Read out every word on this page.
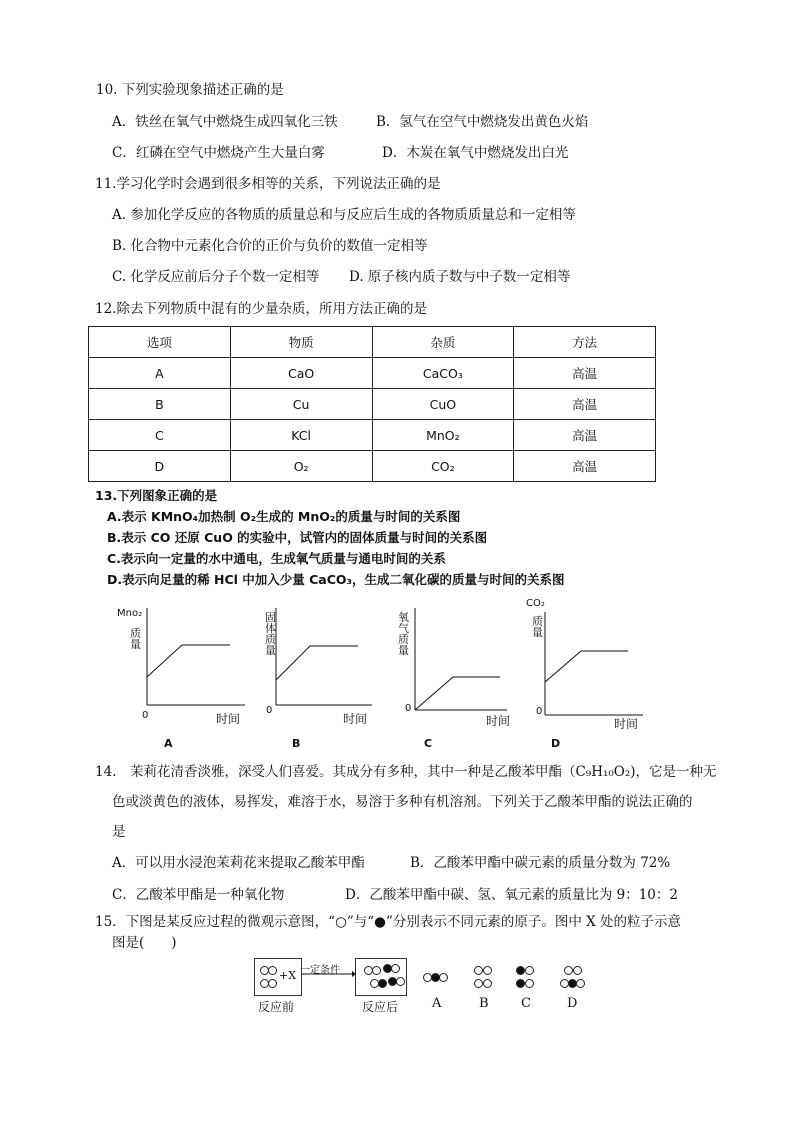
10. 下列实验现象描述正确的是
A．铁丝在氧气中燃烧生成四氧化三铁	B．氢气在空气中燃烧发出黄色火焰
C．红磷在空气中燃烧产生大量白雾	D．木炭在氧气中燃烧发出白光
11.学习化学时会遇到很多相等的关系，下列说法正确的是
A. 参加化学反应的各物质的质量总和与反应后生成的各物质质量总和一定相等
B. 化合物中元素化合价的正价与负价的数值一定相等
C. 化学反应前后分子个数一定相等 D. 原子核内质子数与中子数一定相等
12.除去下列物质中混有的少量杂质，所用方法正确的是
选项	物质	杂质	方法
A	CaO	CaCO₃	高温
B	Cu	CuO	高温
C	KCl	MnO₂	高温
D	O₂	CO₂	高温
13.下列图象正确的是
A.表示 KMnO₄加热制 O₂生成的 MnO₂的质量与时间的关系图
B.表示 CO 还原 CuO 的实验中，试管内的固体质量与时间的关系图
C.表示向一定量的水中通电，生成氧气质量与通电时间的关系
D.表示向足量的稀 HCl 中加入少量 CaCO₃，生成二氧化碳的质量与时间的关系图
Mno₂
质量
0	时间
A
固体质量
0
时间
B
氧气质量
0
时间
C
CO₂
质量
0
时间
D
14.　茉莉花清香淡雅，深受人们喜爱。其成分有多种，其中一种是乙酸苯甲酯（C₉H₁₀O₂)，它是一种无
色或淡黄色的液体，易挥发，难溶于水，易溶于多种有机溶剂。下列关于乙酸苯甲酯的说法正确的
是
A．可以用水浸泡茉莉花来提取乙酸苯甲酯	B．乙酸苯甲酯中碳元素的质量分数为 72%
C．乙酸苯甲酯是一种氧化物	D．乙酸苯甲酯中碳、氢、氧元素的质量比为 9：10：2
15．下图是某反应过程的微观示意图，“○”与“●”分别表示不同元素的原子。图中 X 处的粒子示意
图是(　　)
+X 一定条件
反应前	反应后	A	B C	D
